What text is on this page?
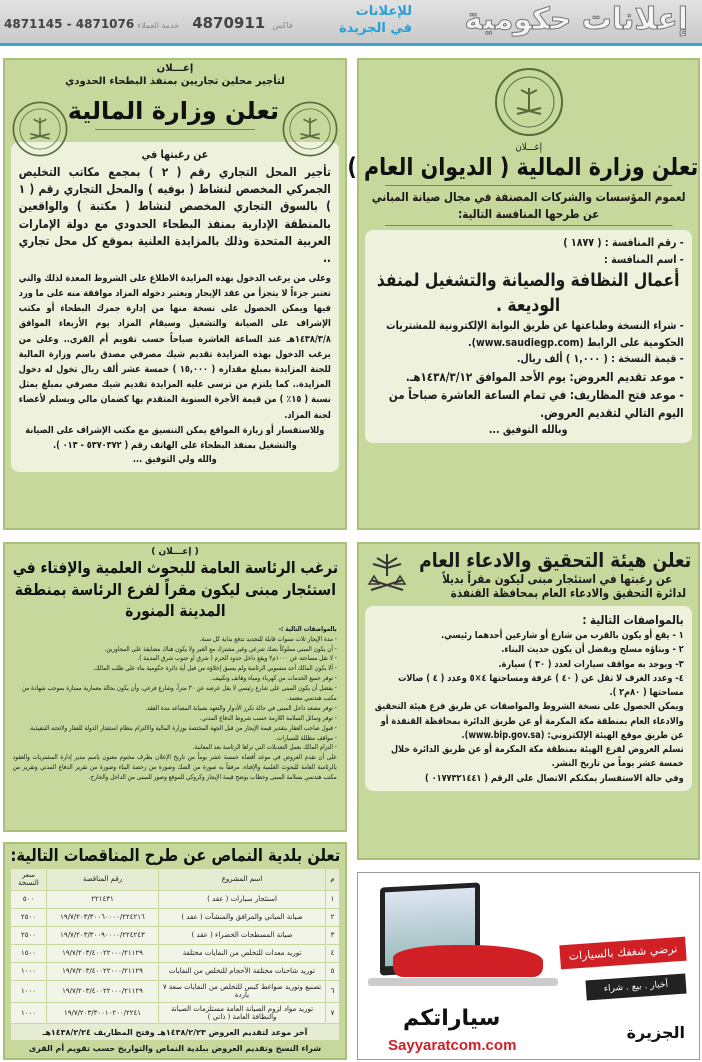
إعلانات حكومية
للإعلانات
في الجريدة
4871145 - 4871076	فاكس 4870911خدمة العملاء
إعـــلان
تعلن وزارة المالية ( الديوان العام )
لعموم المؤسسات والشركات المصنفة في مجال صيانة المباني
عن طرحها المنافسة التالية:

- رقم المنافسة : ( ١٨٧٧ )

- اسم المنافسة :

أعمال النظافة والصيانة والتشغيل لمنفذ الوديعة .

- شراء النسخة وطباعتها عن طريق البوابة الإلكترونية للمشتريات الحكومية على الرابط (www.saudiegp.com).

- قيمة النسخة : ( ١,٠٠٠ ) ألف ريال.

- موعد تقديم العروض: يوم الأحد الموافق ١٤٣٨/٣/١٢هـ.

- موعد فتح المظاريف: في تمام الساعة العاشرة صباحاً من اليوم التالي لتقديم العروض.

وبالله التوفيق ...

إعـــلان
لتأجير محلين تجاريين بمنفذ البطحاء الحدودي
تعلن وزارة المالية

عن رغبتها في

تأجير المحل التجاري رقم ( ٢ ) بمجمع مكاتب التخليص الجمركي المخصص لنشاط ( بوفيه ) والمحل التجاري رقم ( ١ ) بالسوق التجاري المخصص لنشاط ( مكتبة ) والواقعين بالمنطقة الإدارية بمنفذ البطحاء الحدودي مع دولة الإمارات العربية المتحدة وذلك بالمزايدة العلنية بموقع كل محل تجاري ..

وعلى من يرغب الدخول بهذه المزايدة الاطلاع على الشروط المعدة لذلك والتي تعتبر جزءاً لا يتجزأ من عقد الإيجار ويعتبر دخوله المزاد موافقة منه على ما ورد فيها ويمكن الحصول على نسخة منها من إدارة جمرك البطحاء أو مكتب الإشراف على الصيانة والتشغيل وسيقام المزاد يوم الأربعاء الموافق ١٤٣٨/٣/٨هـ عند الساعة العاشرة صباحاً حسب تقويم أم القرى.. وعلى من يرغب الدخول بهذه المزايدة تقديم شيك مصرفي مصدق باسم وزارة المالية للجنة المزايدة بمبلغ مقداره ( ١٥,٠٠٠ ) خمسة عشر ألف ريال تخول له دخول المزايدة.. كما يلتزم من ترسى عليه المزايدة تقديم شيك مصرفي بمبلغ يمثل نسبة ( ١٥٪ ) من قيمة الأجرة السنوية المتقدم بها كضمان مالي ويسلم لأعضاء لجنة المزاد.

وللاستفسار أو زيارة المواقع يمكن التنسيق مع مكتب الإشراف على الصيانة والتشغيل بمنفذ البطحاء على الهاتف رقم ( ٥٣٧٠٣٧٢ - ٠١٣ ).

والله ولي التوفيق ...

تعلن هيئة التحقيق والادعاء العام
عن رغبتها في استئجار مبنى ليكون مقراً بديلاً
لدائرة التحقيق والادعاء العام بمحافظة القنفذة

بالمواصفات التالية :

١ - يقع أو يكون بالقرب من شارع أو شارعين أحدهما رئيسي.

٢ - وبناؤه مسلح ويفضل أن يكون حديث البناء.

٣- ويوجد به مواقف سيارات لعدد ( ٣٠ ) سيارة.

٤- وعدد الغرف لا تقل عن ( ٤٠ ) غرفة ومساحتها ٤×٥ وعدد ( ٤ ) صالات مساحتها ( ٨٠م٢ ).

ويمكن الحصول على نسخة الشروط والمواصفات عن طريق فرع هيئة التحقيق والادعاء العام بمنطقة مكة المكرمة أو عن طريق الدائرة بمحافظة القنفذة أو عن طريق موقع الهيئة الإلكتروني: (www.bip.gov.sa).

تسلم العروض لفرع الهيئة بمنطقة مكة المكرمة أو عن طريق الدائرة خلال خمسة عشر يوماً من تاريخ النشر.

وفي حالة الاستفسار يمكنكم الاتصال على الرقم ( ٠١٧٧٣٢١٤٤١ )

( إعـــلان )
ترغب الرئاسة العامة للبحوث العلمية والإفتاء في استئجار مبنى ليكون مقراً لفرع الرئاسة بمنطقة المدينة المنورة
بالمواصفات التالية :-
- مدة الإيجار ثلاث سنوات قابلة للتجديد تدفع بداية كل سنة.
- أن يكون المبنى مملوكاً بصك شرعي وغير مشترك مع الغير ولا يكون هناك مضايقة على المجاورين.
- لا تقل مساحته عن ١٠٠٠م٢ ويقع داخل حدود الحرم ( شرق أو جنوب شرق المدينة ).
- ألا يكون المالك أحد منسوبي الرئاسة ولم يسبق إخلاؤه من قبل أية دائرة حكومية بناء على طلب المالك.
- توفر جميع الخدمات من كهرباء ومياه وهاتف وتكييف.
- يفضل أن يكون المبنى على شارع رئيسي لا يقل عرضه عن ٣٠ متراً، وشارع فرعي، وأن يكون بحالة معمارية ممتازة بموجب شهادة من مكتب هندسي معتمد.
- توفر مصعد داخل المبنى في حالة تكرر الأدوار والتعهد بصيانة المصاعد مدة العقد.
- توفر وسائل السلامة اللازمة حسب شروط الدفاع المدني.
- قبول صاحب العقار بتقدير قيمة الإيجار من قبل الجهة المختصة بوزارة المالية والالتزام بنظام استئجار الدولة للعقار ولائحته التنفيذية.
- مواقف مظللة للسيارات.
- التزام المالك بعمل التعديلات التي تراها الرئاسة بعد المعاينة.
على أن تقدم العروض في موعد أقصاه خمسة عشر يوماً من تاريخ الإعلان بظرف مختوم معنون باسم مدير إدارة المشتريات والعقود بالرئاسة العامة للبحوث العلمية والإفتاء، مرفقاً به صورة من الصك وصورة من رخصة البناء وصورة من تقرير الدفاع المدني وتقرير من مكتب هندسي بسلامة المبنى وخطاب يوضح قيمة الإيجار وكروكي للموقع وصور للمبنى من الداخل والخارج.
تعلن بلدية النماص عن طرح المناقصات التالية:
م	اسم المشروع	رقم المناقصة	سعر النسخة
١	استئجار سيارات ( عقد )	٢٢١٤٣١	٥٠٠
٢	صيانة المباني والمرافق والمنشآت ( عقد )	١٩/٧/٢٠٣/٣٠٠٦٠٠٠٠/٢٢٤٢١٦	٢٥٠٠
٣	صيانة المسطحات الخضراء ( عقد )	١٩/٧/٢٠٣/٣٠٠٩٠٠٠٠/٢٢٤٢٤٣	٢٥٠٠
٤	توريد معدات للتخلص من النفايات مختلفة	١٩/٧/٢٠٣/٤٠٠٢٢٠٠٠/٢١١٢٩	١٥٠٠
٥	توريد شاحنات مختلفة الأحجام للتخلص من النفايات	١٩/٧/٢٠٣/٤٠٠٢٢٠٠٠/٢١١٢٩	١٠٠٠
٦	تصنيع وتوريد ضواغط كبس للتخلص من النفايات سعة ٧ ياردة	١٩/٧/٢٠٣/٤٠٠٢٢٠٠٠/٢١١٢٩	١٠٠٠
٧	توريد مواد لزوم الصيانة العامة مستلزمات الصيانة والنظافة العامة ( ذاتي )	١٩/٧/٢٠٣/٣٠٠١٠٢٠٠/٢٢٤١	١٠٠٠
آخر موعد لتقديم العروض ١٤٣٨/٢/٢٣هـ وفتح المظاريف ١٤٣٨/٢/٢٤هـ			
شراء النسخ وتقديم العروض ببلدية النماص والتواريخ حسب تقويم أم القرى
نرضي شغفك بالسيارات
أخبار . بيع . شراء
سياراتكم
Sayyaratcom.com
الجزيرة
